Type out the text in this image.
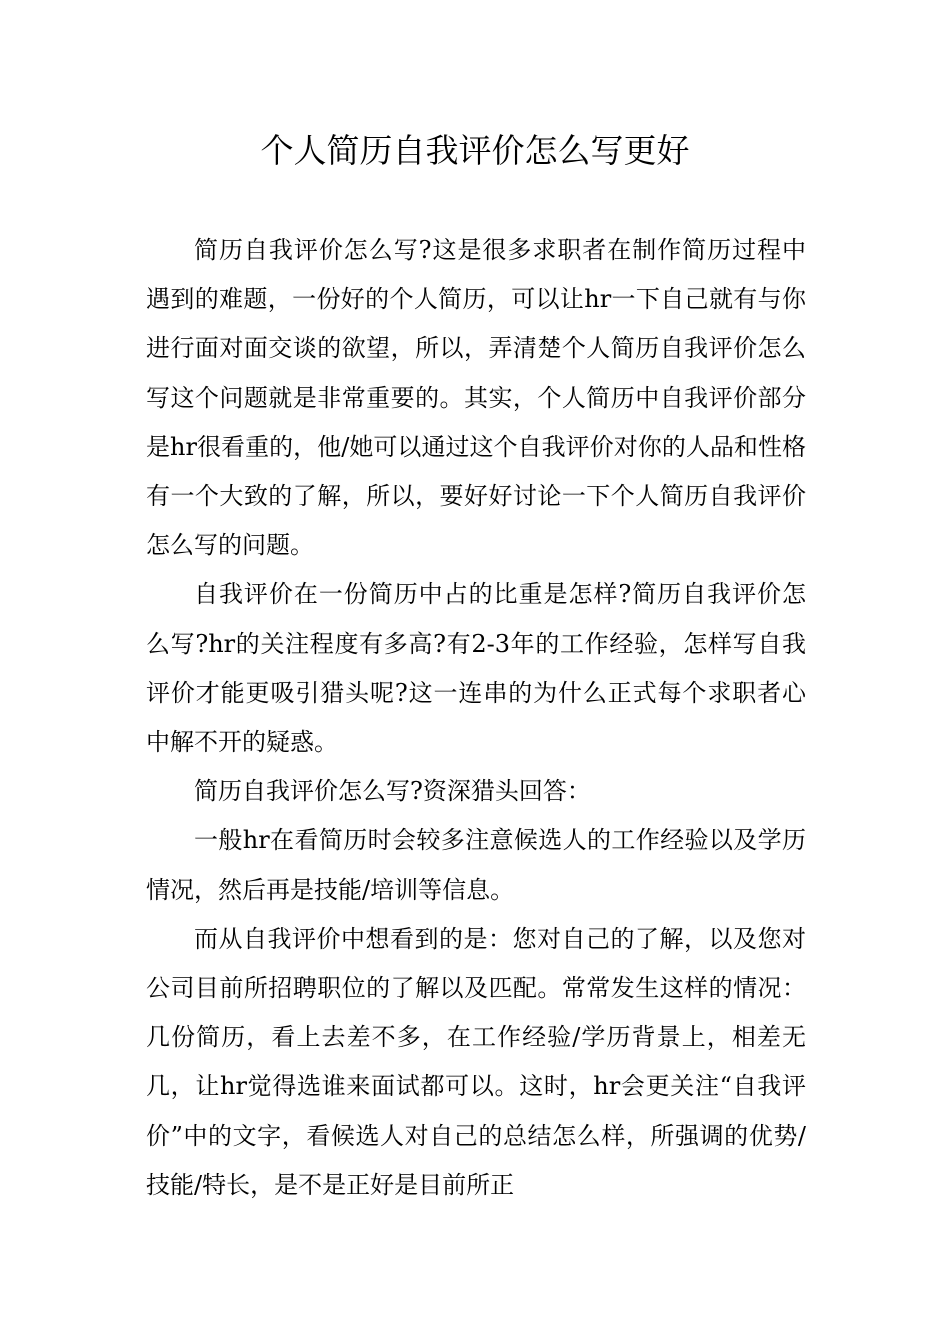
个人简历自我评价怎么写更好

简历自我评价怎么写?这是很多求职者在制作简历过程中遇到的难题，一份好的个人简历，可以让hr一下自己就有与你进行面对面交谈的欲望，所以，弄清楚个人简历自我评价怎么写这个问题就是非常重要的。其实，个人简历中自我评价部分是hr很看重的，他/她可以通过这个自我评价对你的人品和性格有一个大致的了解，所以，要好好讨论一下个人简历自我评价怎么写的问题。

自我评价在一份简历中占的比重是怎样?简历自我评价怎么写?hr的关注程度有多高?有2-3年的工作经验，怎样写自我评价才能更吸引猎头呢?这一连串的为什么正式每个求职者心中解不开的疑惑。

简历自我评价怎么写?资深猎头回答：

一般hr在看简历时会较多注意候选人的工作经验以及学历情况，然后再是技能/培训等信息。

而从自我评价中想看到的是：您对自己的了解，以及您对公司目前所招聘职位的了解以及匹配。常常发生这样的情况：几份简历，看上去差不多，在工作经验/学历背景上，相差无几，让hr觉得选谁来面试都可以。这时，hr会更关注“自我评价”中的文字，看候选人对自己的总结怎么样，所强调的优势/技能/特长，是不是正好是目前所正
